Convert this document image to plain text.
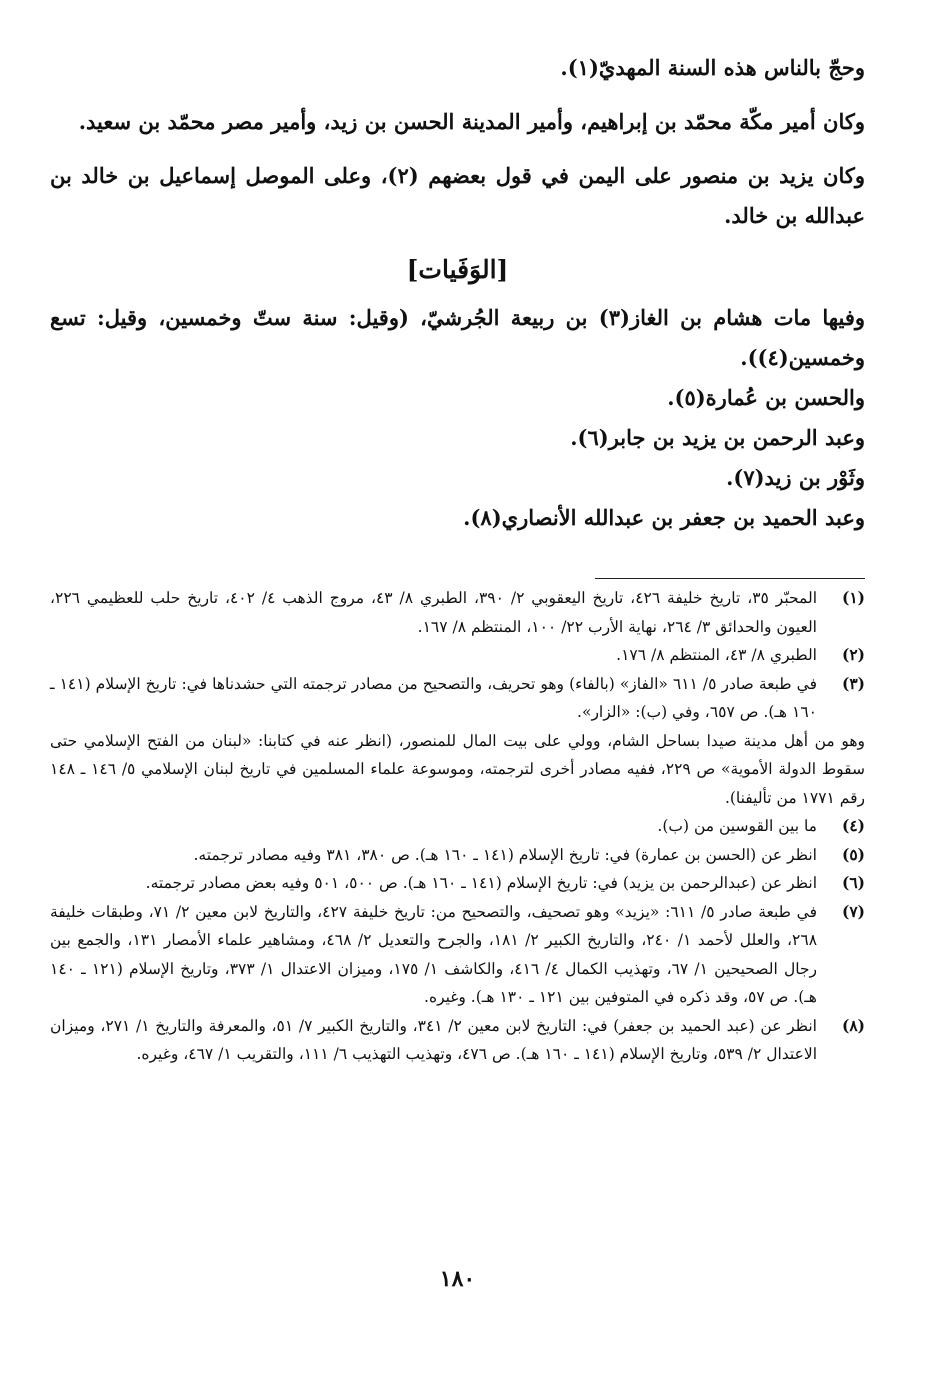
وحجّ بالناس هذه السنة المهديّ(١).

وكان أمير مكّة محمّد بن إبراهيم، وأمير المدينة الحسن بن زيد، وأمير مصر محمّد بن سعيد.

وكان يزيد بن منصور على اليمن في قول بعضهم (٢)، وعلى الموصل إسماعيل بن خالد بن عبدالله بن خالد.

[الوَفَيات]

وفيها مات هشام بن الغاز(٣) بن ربيعة الجُرشيّ، (وقيل: سنة ستّ وخمسين، وقيل: تسع وخمسين(٤)).

والحسن بن عُمارة(٥).

وعبد الرحمن بن يزيد بن جابر(٦).

وثَوْر بن زيد(٧).

وعبد الحميد بن جعفر بن عبدالله الأنصاري(٨).

(١)

المحبّر ٣٥، تاريخ خليفة ٤٢٦، تاريخ اليعقوبي ٢/ ٣٩٠، الطبري ٨/ ٤٣، مروج الذهب ٤/ ٤٠٢، تاريخ حلب للعظيمي ٢٢٦، العيون والحدائق ٣/ ٢٦٤، نهاية الأرب ٢٢/ ١٠٠، المنتظم ٨/ ١٦٧.

(٢)

الطبري ٨/ ٤٣، المنتظم ٨/ ١٧٦.

(٣)

في طبعة صادر ٥/ ٦١١ «الفاز» (بالفاء) وهو تحريف، والتصحيح من مصادر ترجمته التي حشدناها في: تاريخ الإسلام (١٤١ ـ ١٦٠ هـ). ص ٦٥٧، وفي (ب): «الزار».

وهو من أهل مدينة صيدا بساحل الشام، وولي على بيت المال للمنصور، (انظر عنه في كتابنا: «لبنان من الفتح الإسلامي حتى سقوط الدولة الأموية» ص ٢٢٩، ففيه مصادر أخرى لترجمته، وموسوعة علماء المسلمين في تاريخ لبنان الإسلامي ٥/ ١٤٦ ـ ١٤٨ رقم ١٧٧١ من تأليفنا).

(٤)

ما بين القوسين من (ب).

(٥)

انظر عن (الحسن بن عمارة) في: تاريخ الإسلام (١٤١ ـ ١٦٠ هـ). ص ٣٨٠، ٣٨١ وفيه مصادر ترجمته.

(٦)

انظر عن (عبدالرحمن بن يزيد) في: تاريخ الإسلام (١٤١ ـ ١٦٠ هـ). ص ٥٠٠، ٥٠١ وفيه بعض مصادر ترجمته.

(٧)

في طبعة صادر ٥/ ٦١١: «يزيد» وهو تصحيف، والتصحيح من: تاريخ خليفة ٤٢٧، والتاريخ لابن معين ٢/ ٧١، وطبقات خليفة ٢٦٨، والعلل لأحمد ١/ ٢٤٠، والتاريخ الكبير ٢/ ١٨١، والجرح والتعديل ٢/ ٤٦٨، ومشاهير علماء الأمصار ١٣١، والجمع بين رجال الصحيحين ١/ ٦٧، وتهذيب الكمال ٤/ ٤١٦، والكاشف ١/ ١٧٥، وميزان الاعتدال ١/ ٣٧٣، وتاريخ الإسلام (١٢١ ـ ١٤٠ هـ). ص ٥٧، وقد ذكره في المتوفين بين ١٢١ ـ ١٣٠ هـ). وغيره.

(٨)

انظر عن (عبد الحميد بن جعفر) في: التاريخ لابن معين ٢/ ٣٤١، والتاريخ الكبير ٧/ ٥١، والمعرفة والتاريخ ١/ ٢٧١، وميزان الاعتدال ٢/ ٥٣٩، وتاريخ الإسلام (١٤١ ـ ١٦٠ هـ). ص ٤٧٦، وتهذيب التهذيب ٦/ ١١١، والتقريب ١/ ٤٦٧، وغيره.

١٨٠
